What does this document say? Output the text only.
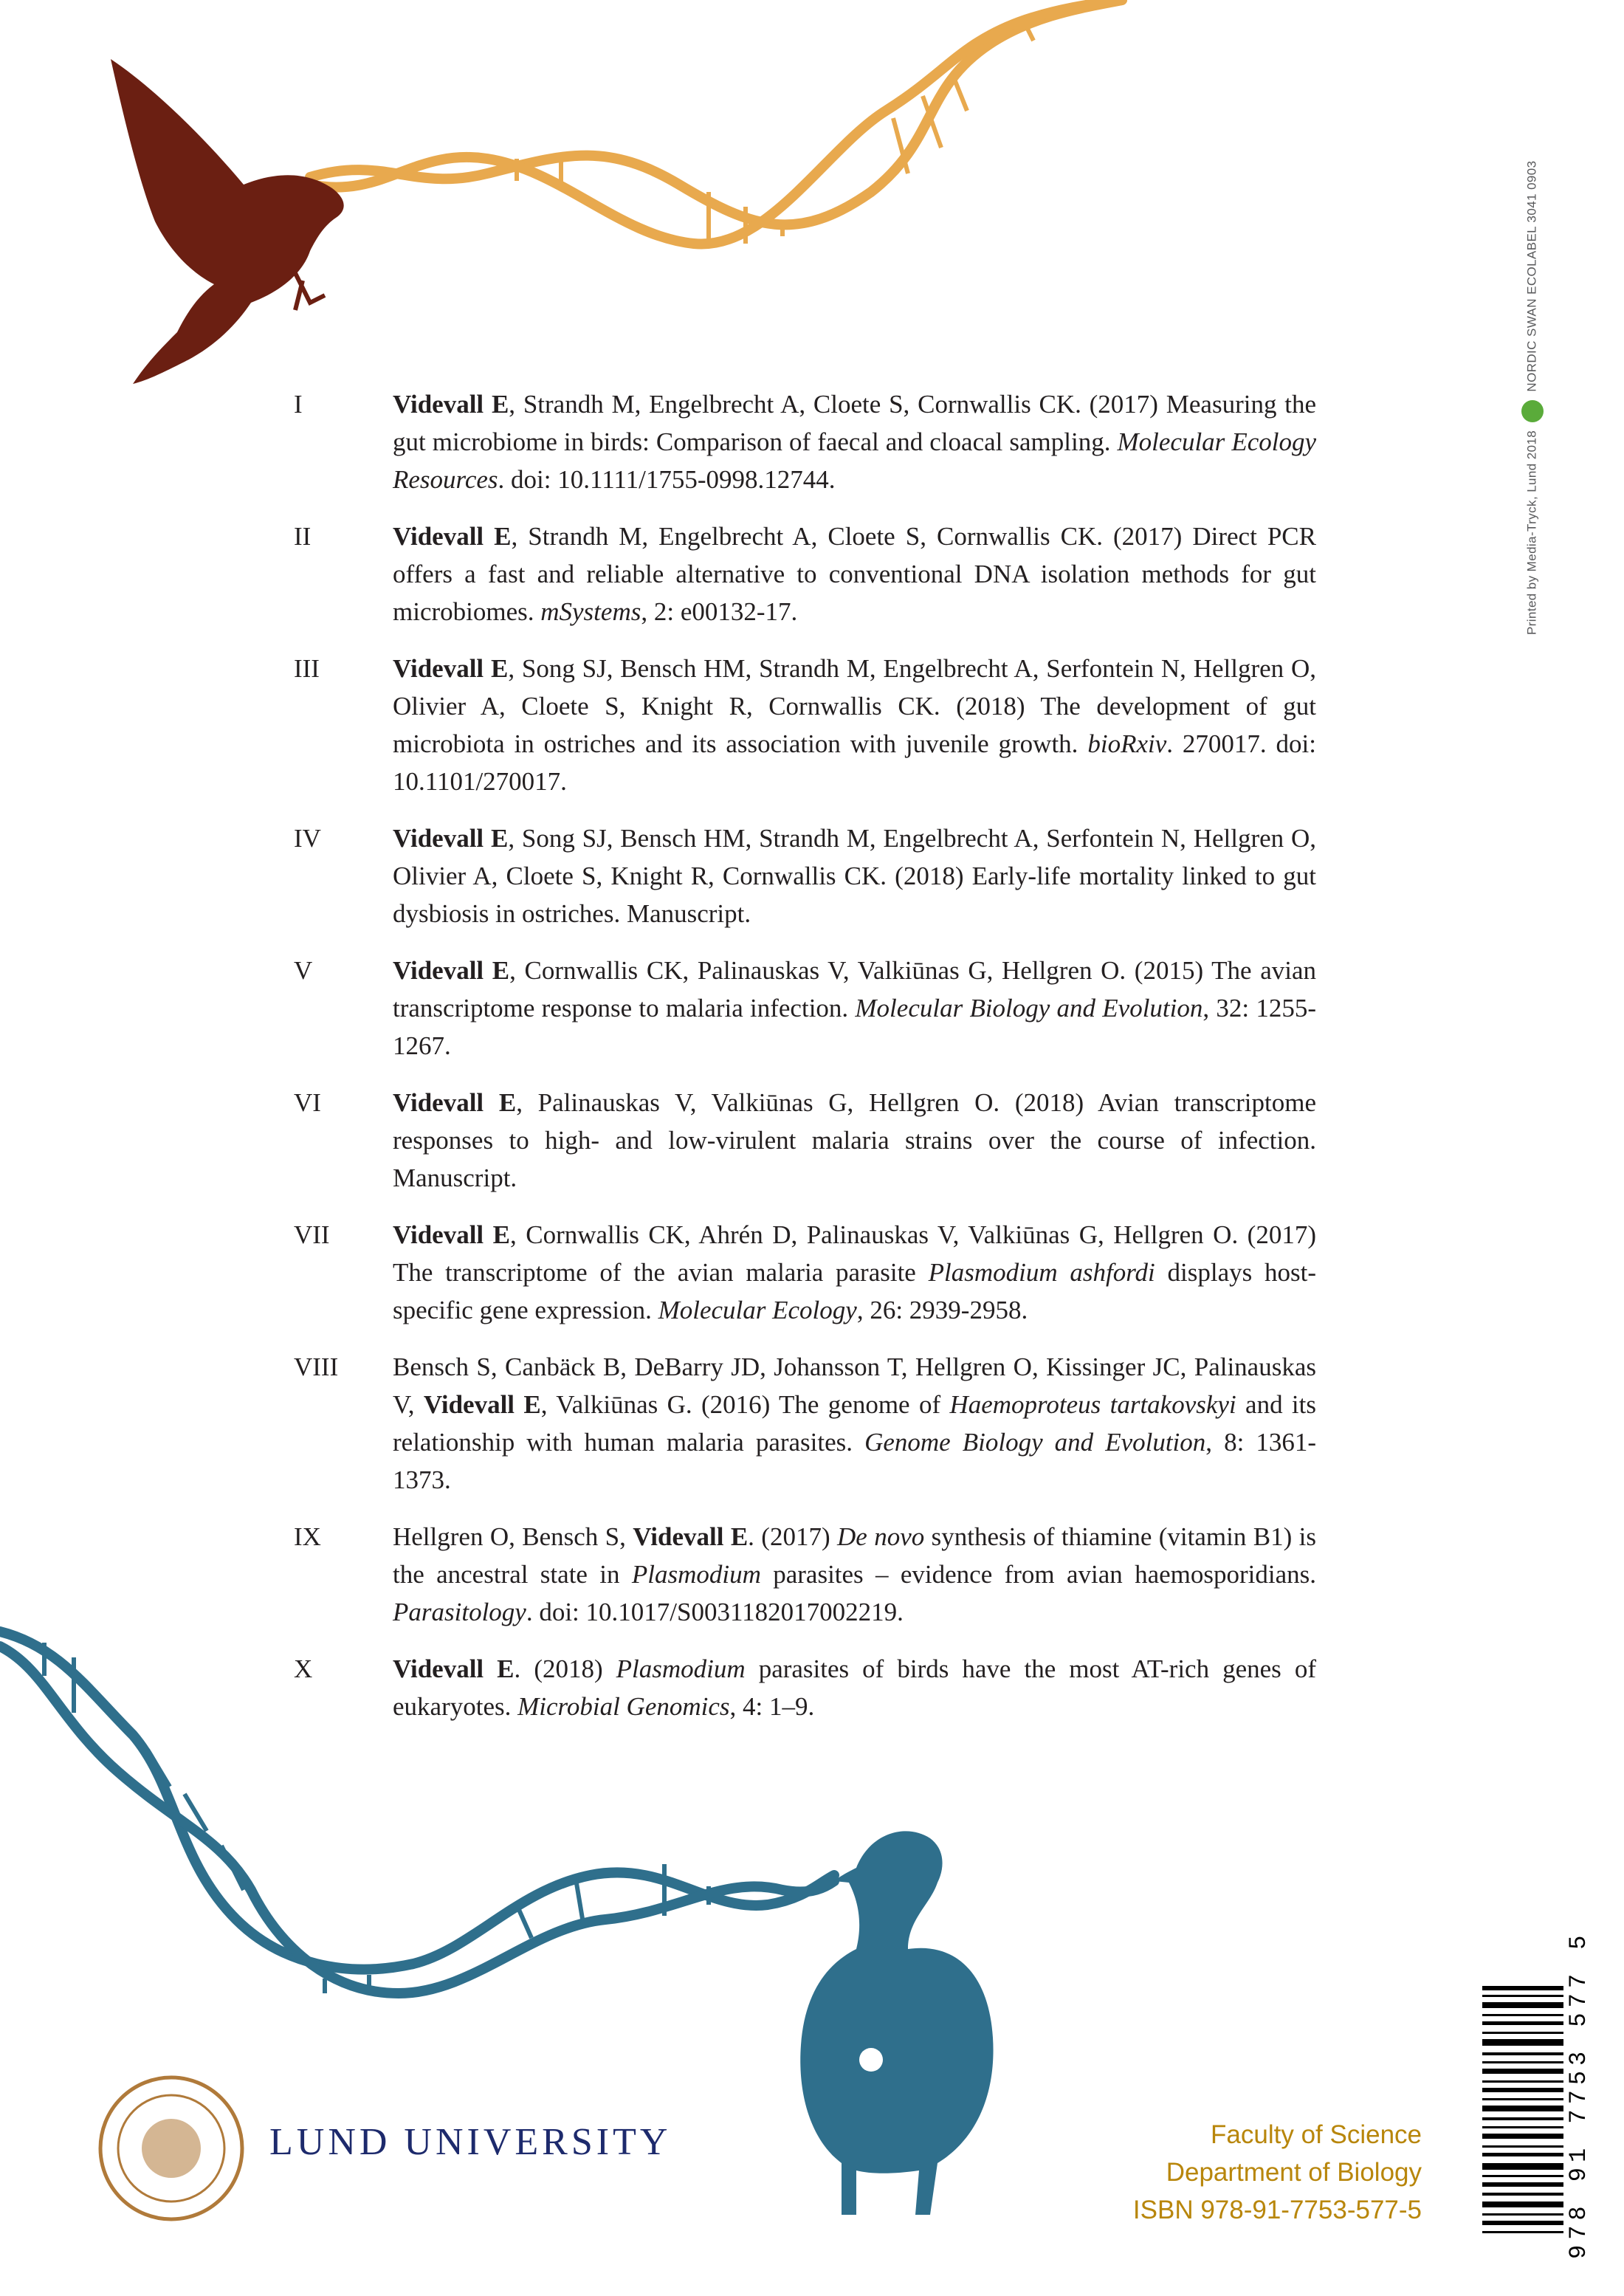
Printed by Media-Tryck, Lund 2018  NORDIC SWAN ECOLABEL 3041 0903
I	Videvall E, Strandh M, Engelbrecht A, Cloete S, Cornwallis CK. (2017) Measuring the gut microbiome in birds: Comparison of faecal and cloacal sampling. Molecular Ecology Resources. doi: 10.1111/1755-0998.12744.
II	Videvall E, Strandh M, Engelbrecht A, Cloete S, Cornwallis CK. (2017) Direct PCR offers a fast and reliable alternative to conventional DNA isolation methods for gut microbiomes. mSystems, 2: e00132-17.
III	Videvall E, Song SJ, Bensch HM, Strandh M, Engelbrecht A, Serfontein N, Hellgren O, Olivier A, Cloete S, Knight R, Cornwallis CK. (2018) The development of gut microbiota in ostriches and its association with juvenile growth. bioRxiv. 270017. doi: 10.1101/270017.
IV	Videvall E, Song SJ, Bensch HM, Strandh M, Engelbrecht A, Serfontein N, Hellgren O, Olivier A, Cloete S, Knight R, Cornwallis CK. (2018) Early-life mortality linked to gut dysbiosis in ostriches. Manuscript.
V	Videvall E, Cornwallis CK, Palinauskas V, Valkiūnas G, Hellgren O. (2015) The avian transcriptome response to malaria infection. Molecular Biology and Evolution, 32: 1255-1267.
VI	Videvall E, Palinauskas V, Valkiūnas G, Hellgren O. (2018) Avian transcriptome responses to high- and low-virulent malaria strains over the course of infection. Manuscript.
VII Videvall E, Cornwallis CK, Ahrén D, Palinauskas V, Valkiūnas G, Hellgren O. (2017) The transcriptome of the avian malaria parasite Plasmodium ashfordi displays host-specific gene expression. Molecular Ecology, 26: 2939-2958.
VIII Bensch S, Canbäck B, DeBarry JD, Johansson T, Hellgren O, Kissinger JC, Palinauskas V, Videvall E, Valkiūnas G. (2016) The genome of Haemoproteus tartakovskyi and its relationship with human malaria parasites. Genome Biology and Evolution, 8: 1361-1373.
IX	Hellgren O, Bensch S, Videvall E. (2017) De novo synthesis of thiamine (vitamin B1) is the ancestral state in Plasmodium parasites – evidence from avian haemosporidians. Parasitology. doi: 10.1017/S0031182017002219.
X	Videvall E. (2018) Plasmodium parasites of birds have the most AT-rich genes of eukaryotes. Microbial Genomics, 4: 1–9.
LUND UNIVERSITY	Faculty of Science
Department of Biology
ISBN 978-91-7753-577-5	978 91 7753 577 5
